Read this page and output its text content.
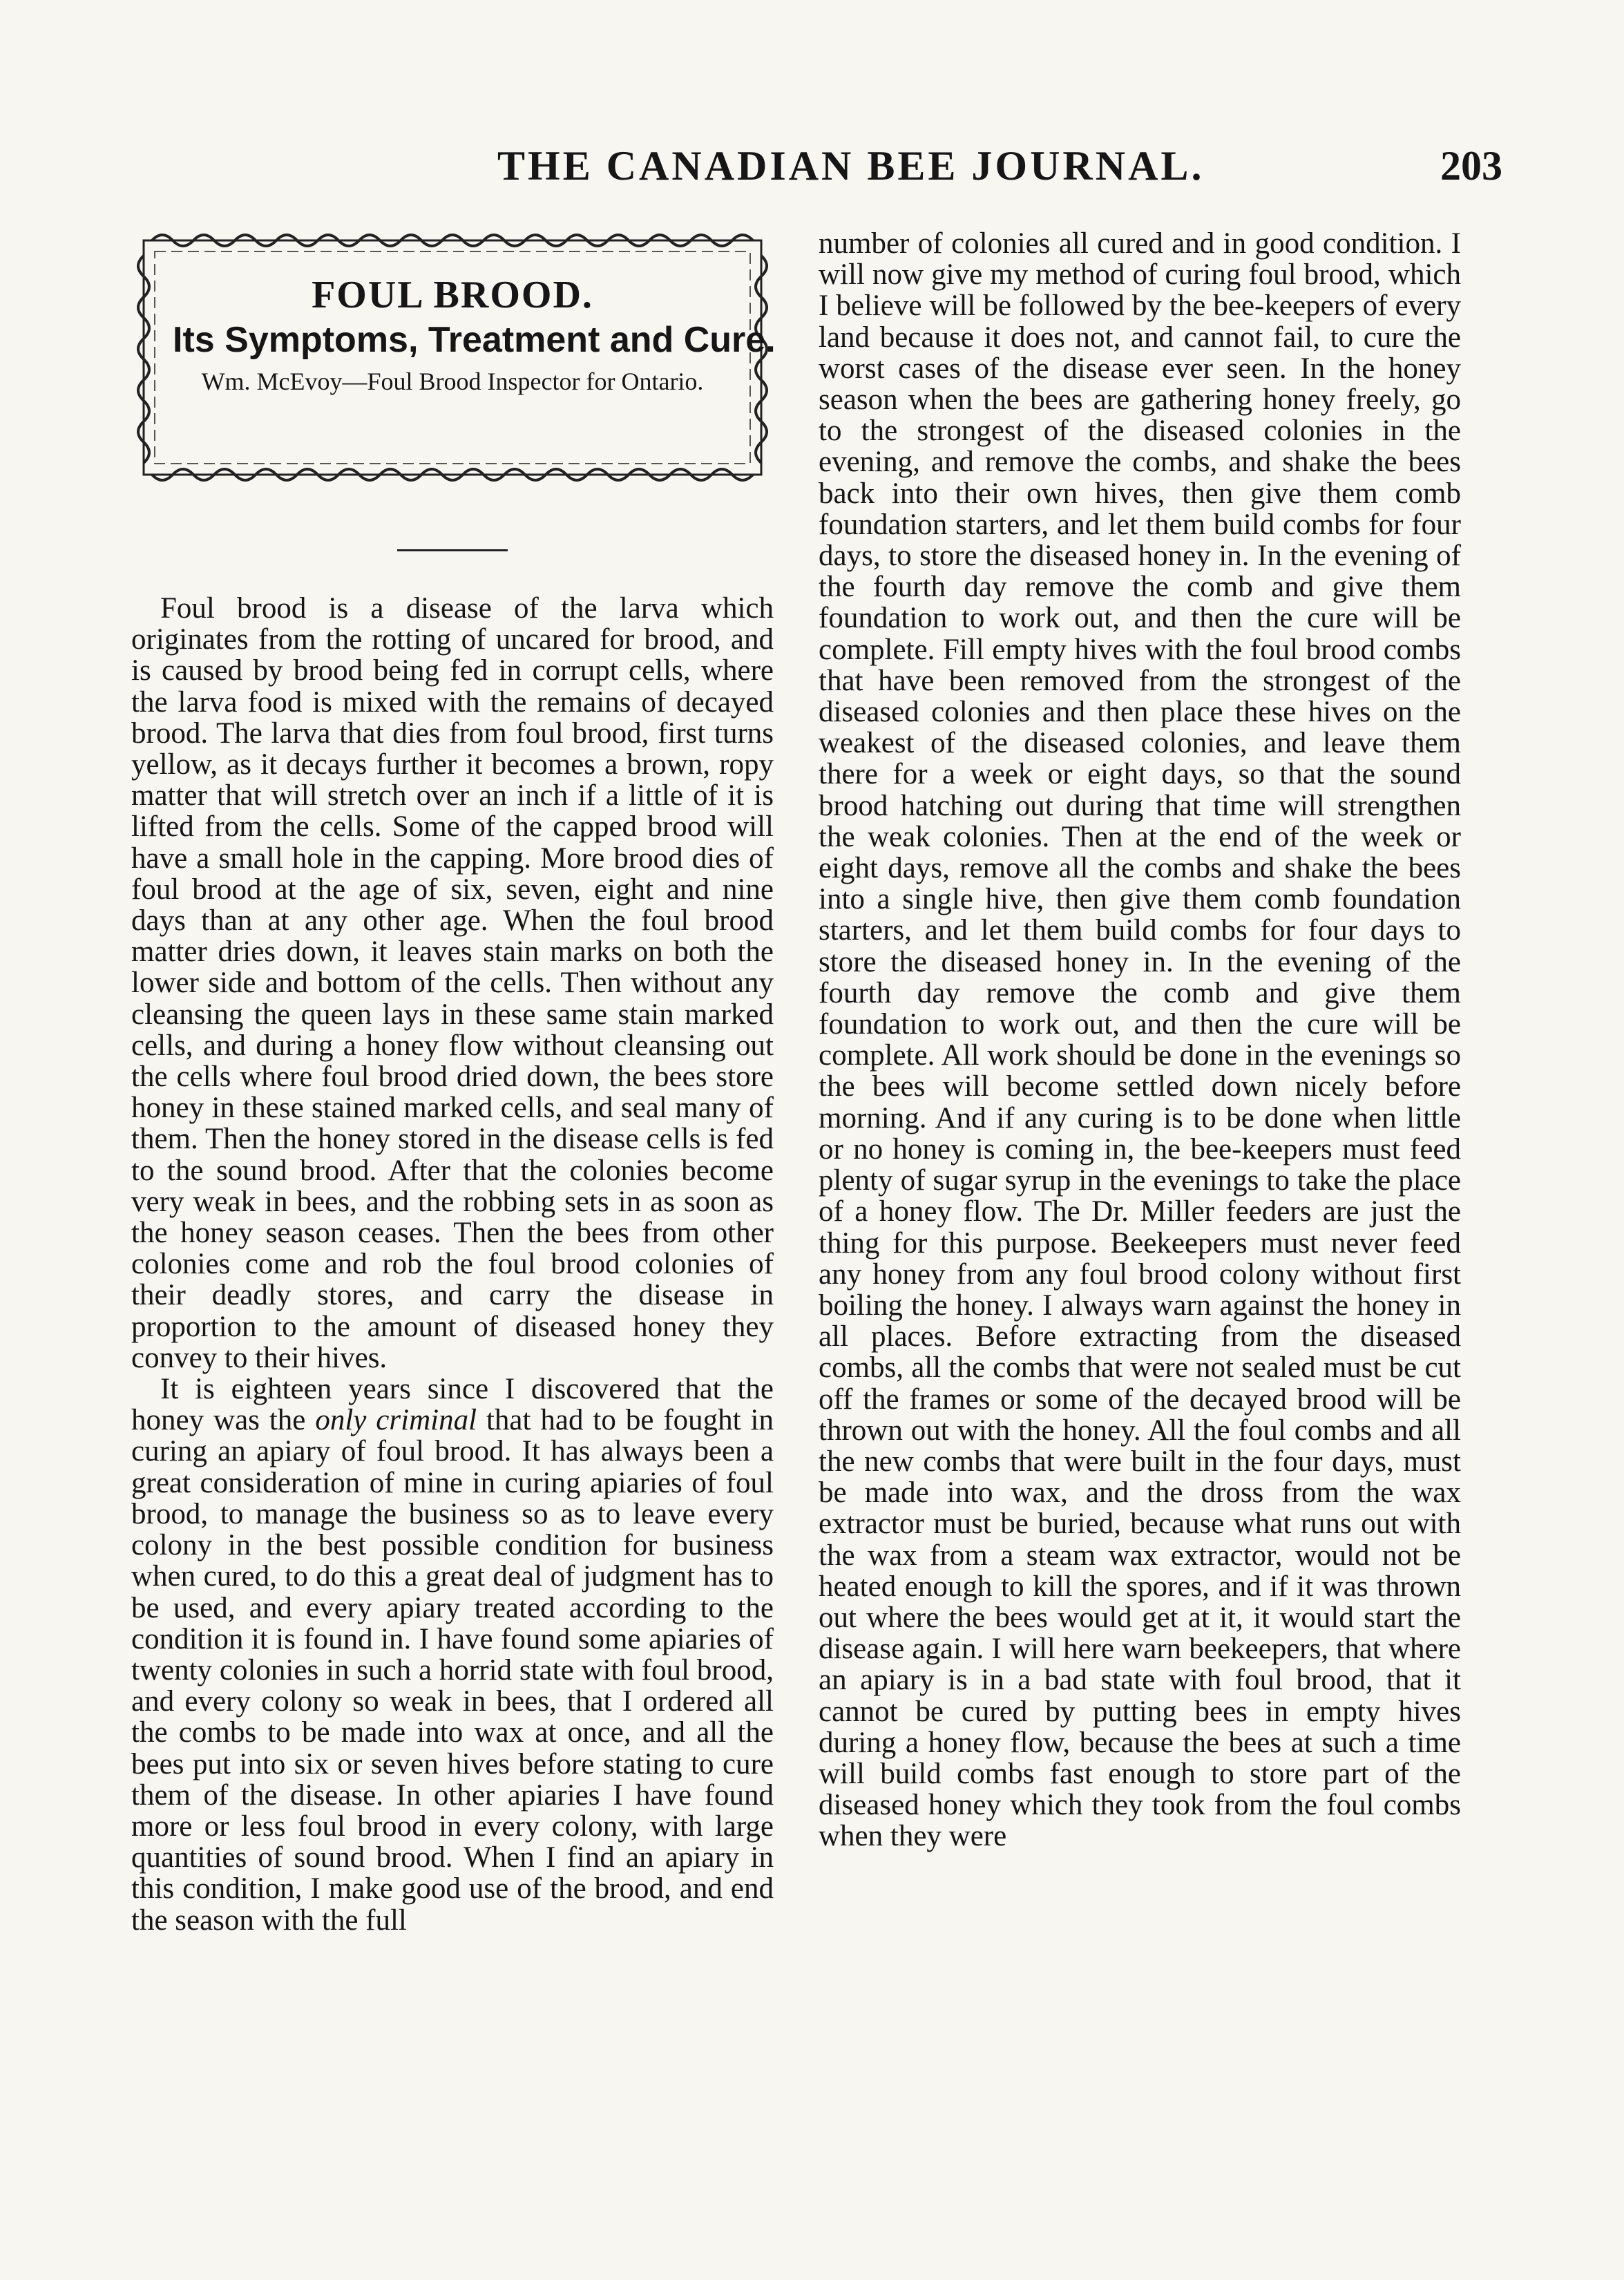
THE CANADIAN BEE JOURNAL.	203
FOUL BROOD.
Its Symptoms, Treatment and Cure.
Wm. McEvoy—Foul Brood Inspector for Ontario.

Foul brood is a disease of the larva which originates from the rotting of uncared for brood, and is caused by brood being fed in corrupt cells, where the larva food is mixed with the remains of decayed brood. The larva that dies from foul brood, first turns yellow, as it decays further it becomes a brown, ropy matter that will stretch over an inch if a little of it is lifted from the cells. Some of the capped brood will have a small hole in the capping. More brood dies of foul brood at the age of six, seven, eight and nine days than at any other age. When the foul brood matter dries down, it leaves stain marks on both the lower side and bottom of the cells. Then without any cleansing the queen lays in these same stain marked cells, and during a honey flow without cleansing out the cells where foul brood dried down, the bees store honey in these stained marked cells, and seal many of them. Then the honey stored in the disease cells is fed to the sound brood. After that the colonies become very weak in bees, and the robbing sets in as soon as the honey season ceases. Then the bees from other colonies come and rob the foul brood colonies of their deadly stores, and carry the disease in proportion to the amount of diseased honey they convey to their hives.

It is eighteen years since I discovered that the honey was the only criminal that had to be fought in curing an apiary of foul brood. It has always been a great consideration of mine in curing apiaries of foul brood, to manage the business so as to leave every colony in the best possible condition for business when cured, to do this a great deal of judgment has to be used, and every apiary treated according to the condition it is found in. I have found some apiaries of twenty colonies in such a horrid state with foul brood, and every colony so weak in bees, that I ordered all the combs to be made into wax at once, and all the bees put into six or seven hives before stating to cure them of the disease. In other apiaries I have found more or less foul brood in every colony, with large quantities of sound brood. When I find an apiary in this condition, I make good use of the brood, and end the season with the full

number of colonies all cured and in good condition. I will now give my method of curing foul brood, which I believe will be followed by the bee-keepers of every land because it does not, and cannot fail, to cure the worst cases of the disease ever seen. In the honey season when the bees are gathering honey freely, go to the strongest of the diseased colonies in the evening, and remove the combs, and shake the bees back into their own hives, then give them comb foundation starters, and let them build combs for four days, to store the diseased honey in. In the evening of the fourth day remove the comb and give them foundation to work out, and then the cure will be complete. Fill empty hives with the foul brood combs that have been removed from the strongest of the diseased colonies and then place these hives on the weakest of the diseased colonies, and leave them there for a week or eight days, so that the sound brood hatching out during that time will strengthen the weak colonies. Then at the end of the week or eight days, remove all the combs and shake the bees into a single hive, then give them comb foundation starters, and let them build combs for four days to store the diseased honey in. In the evening of the fourth day remove the comb and give them foundation to work out, and then the cure will be complete. All work should be done in the evenings so the bees will become settled down nicely before morning. And if any curing is to be done when little or no honey is coming in, the bee-keepers must feed plenty of sugar syrup in the evenings to take the place of a honey flow. The Dr. Miller feeders are just the thing for this purpose. Beekeepers must never feed any honey from any foul brood colony without first boiling the honey. I always warn against the honey in all places. Before extracting from the diseased combs, all the combs that were not sealed must be cut off the frames or some of the decayed brood will be thrown out with the honey. All the foul combs and all the new combs that were built in the four days, must be made into wax, and the dross from the wax extractor must be buried, because what runs out with the wax from a steam wax extractor, would not be heated enough to kill the spores, and if it was thrown out where the bees would get at it, it would start the disease again. I will here warn beekeepers, that where an apiary is in a bad state with foul brood, that it cannot be cured by putting bees in empty hives during a honey flow, because the bees at such a time will build combs fast enough to store part of the diseased honey which they took from the foul combs when they were
